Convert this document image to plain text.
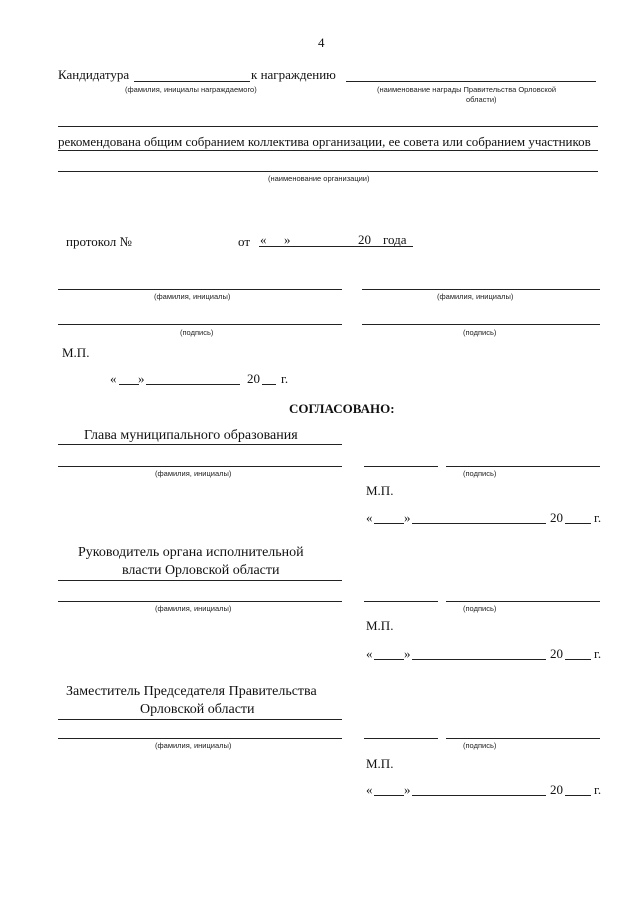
4
Кандидатура	к награждению
(фамилия, инициалы награждаемого)	(наименование награды Правительства Орловской
области)
рекомендована общим собранием коллектива организации, ее совета или собранием участников
(наименование организации)
протокол №	от « »	20 года
(фамилия, инициалы)	(фамилия, инициалы)
(подпись)	(подпись)
М.П.
« »	20 г.
СОГЛАСОВАНО:
Глава муниципального образования
(фамилия, инициалы)	(подпись)
М.П.
« »	20 г.
Руководитель органа исполнительной
власти Орловской области
(фамилия, инициалы)	(подпись)
М.П.
« »	20 г.
Заместитель Председателя Правительства
Орловской области
(фамилия, инициалы)	(подпись)
М.П.
« »	20 г.
